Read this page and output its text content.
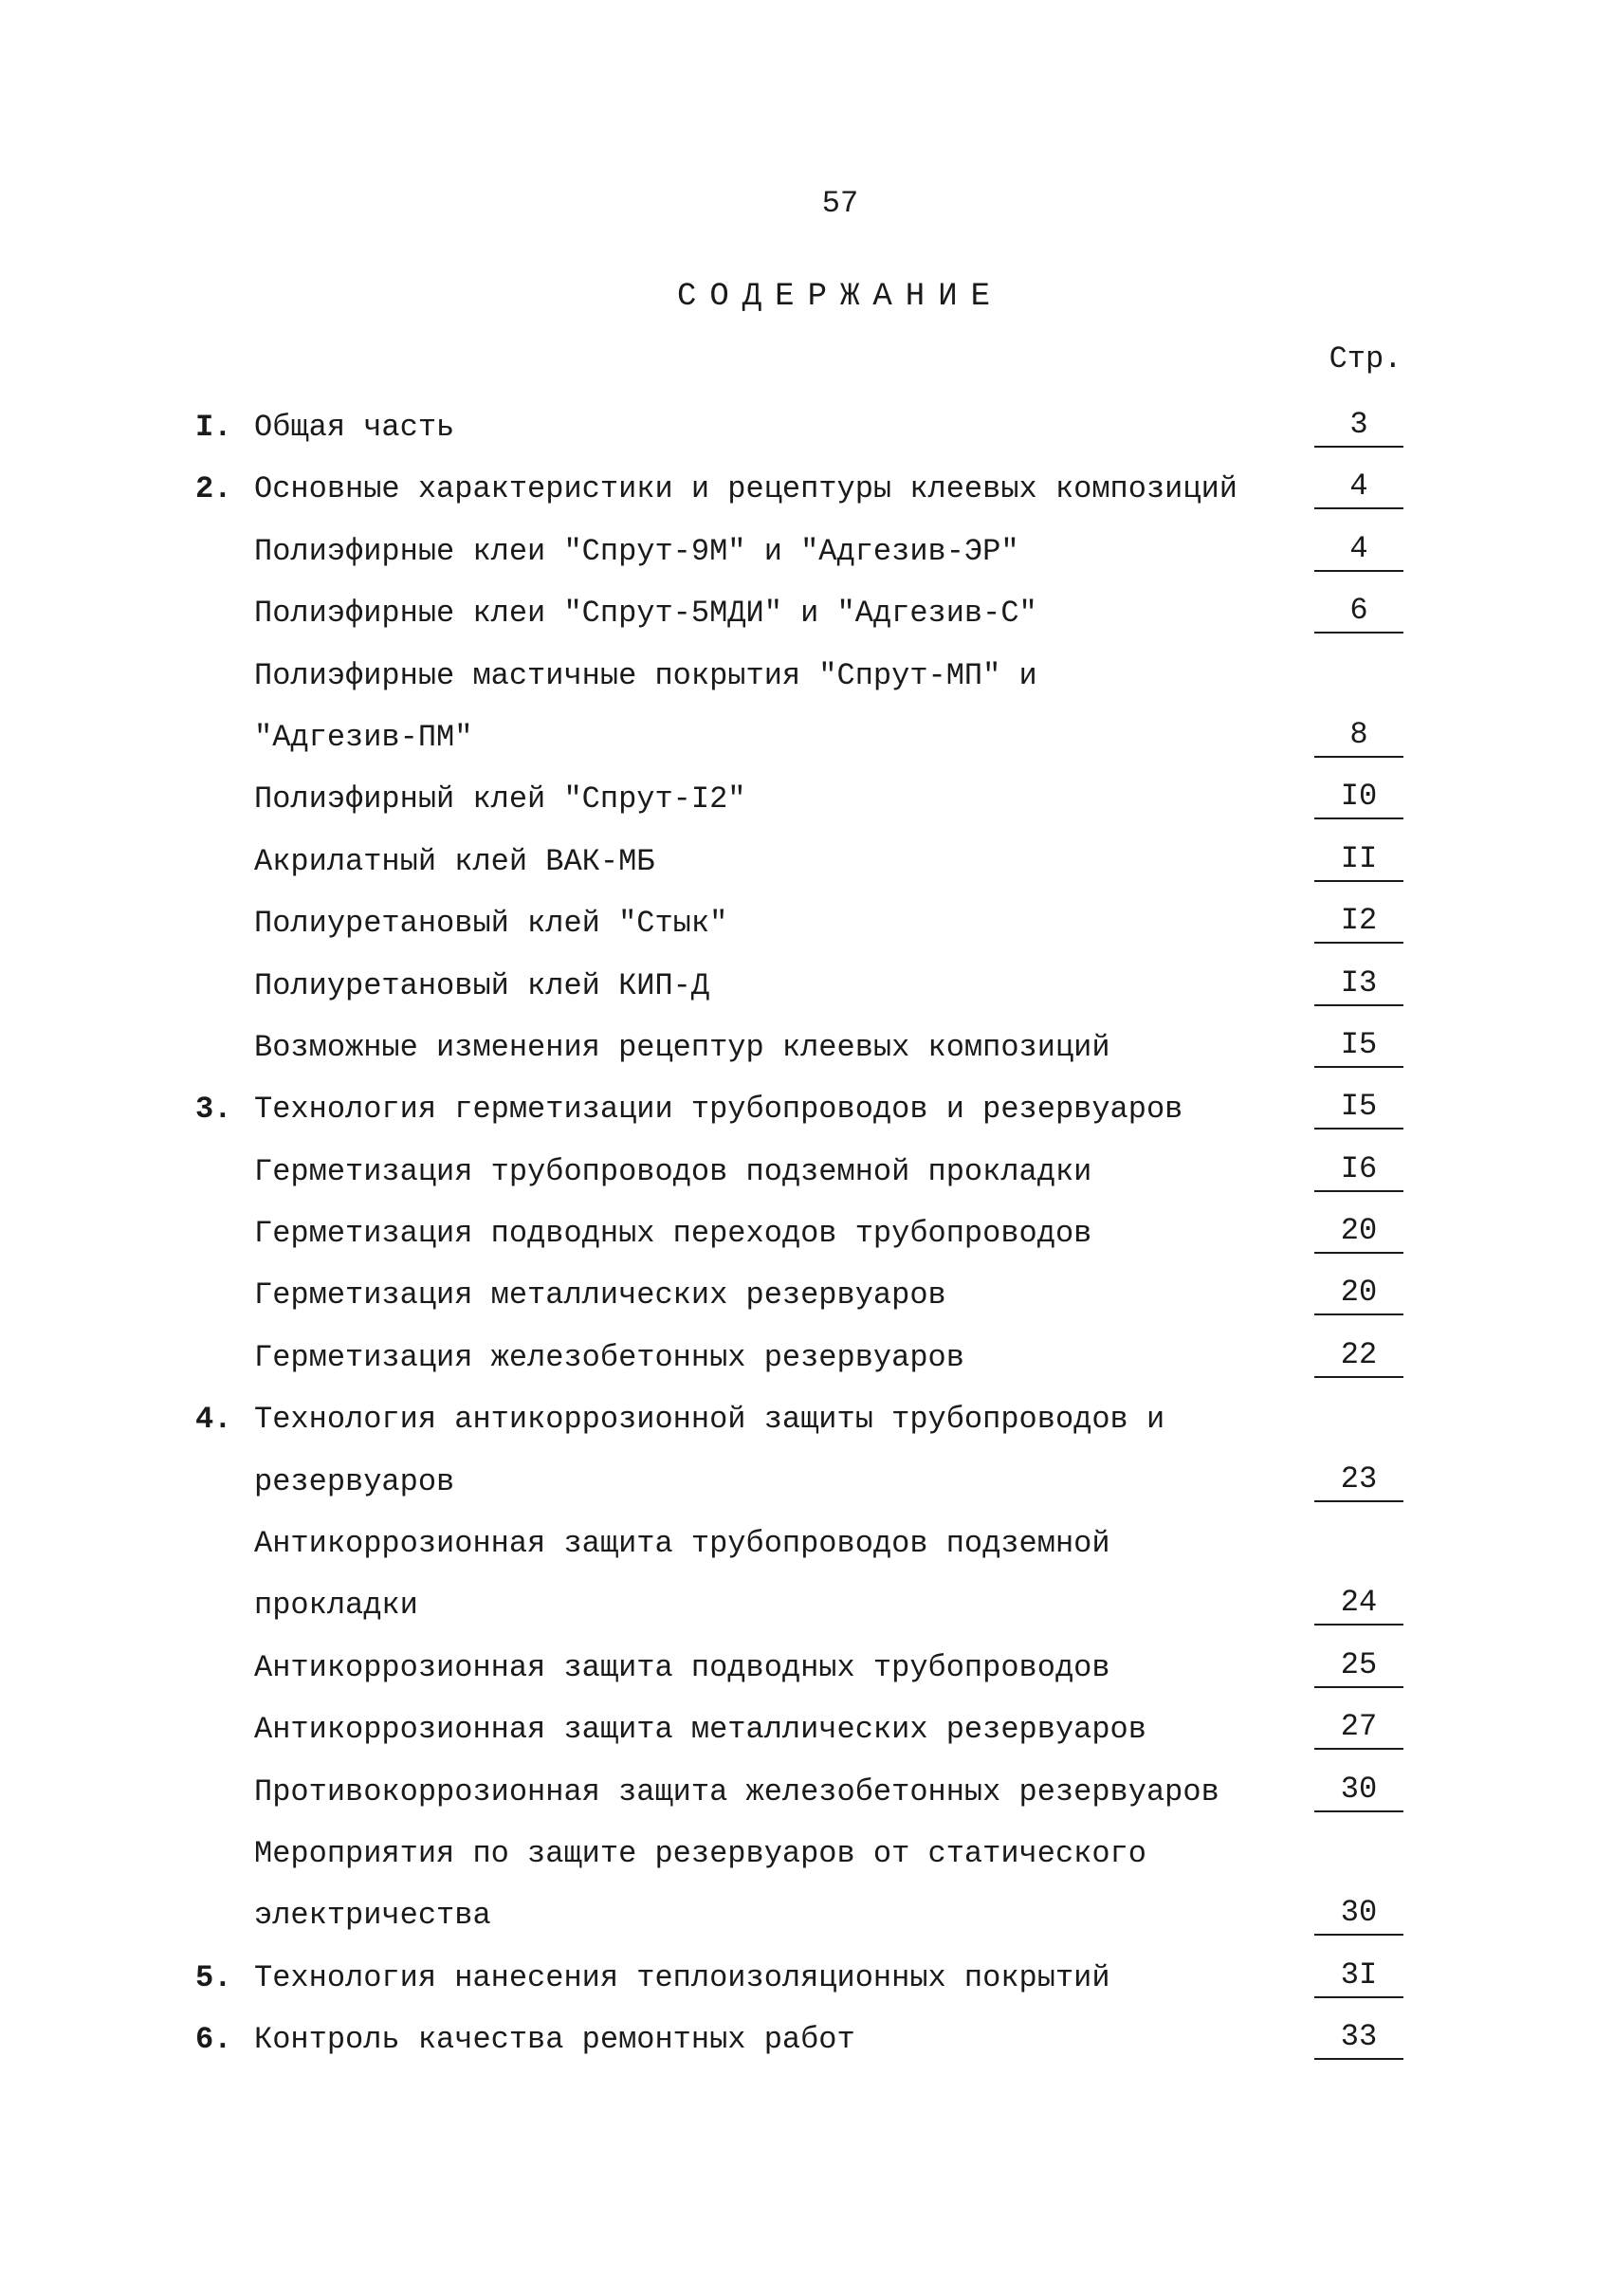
57
СОДЕРЖАНИЕ
Стр.
I. Общая часть	3
2. Основные характеристики и рецептуры клеевых композиций	4
Полиэфирные клеи "Спрут-9М" и "Адгезив-ЭР"	4
Полиэфирные клеи "Спрут-5МДИ" и "Адгезив-С"	6
Полиэфирные мастичные покрытия "Спрут-МП" и
"Адгезив-ПМ"	8
Полиэфирный клей "Спрут-I2"	I0
Акрилатный клей ВАК-МБ	II
Полиуретановый клей "Стык"	I2
Полиуретановый клей КИП-Д	I3
Возможные изменения рецептур клеевых композиций	I5
3. Технология герметизации трубопроводов и резервуаров	I5
Герметизация трубопроводов подземной прокладки	I6
Герметизация подводных переходов трубопроводов	20
Герметизация металлических резервуаров	20
Герметизация железобетонных резервуаров	22
4. Технология антикоррозионной защиты трубопроводов и
резервуаров	23
Антикоррозионная защита трубопроводов подземной
прокладки	24
Антикоррозионная защита подводных трубопроводов	25
Антикоррозионная защита металлических резервуаров	27
Противокоррозионная защита железобетонных резервуаров	30
Мероприятия по защите резервуаров от статического
электричества	30
5. Технология нанесения теплоизоляционных покрытий	3I
6. Контроль качества ремонтных работ	33
